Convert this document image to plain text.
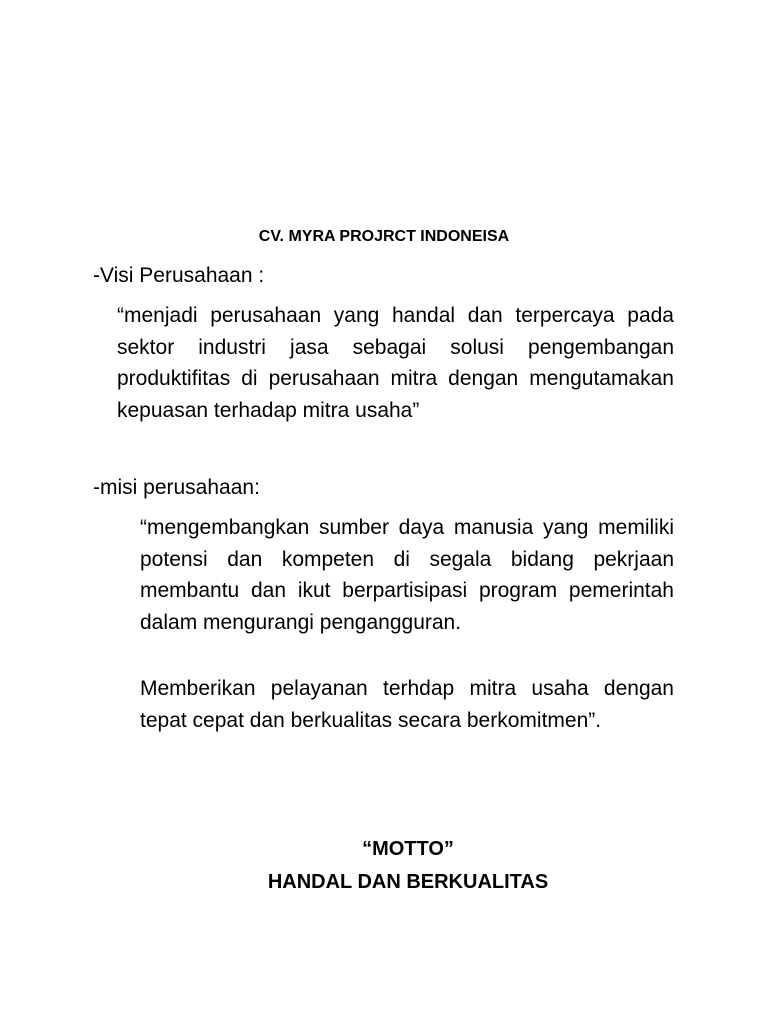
CV. MYRA PROJRCT INDONEISA

-Visi Perusahaan :

“menjadi perusahaan yang handal dan terpercaya pada sektor industri jasa sebagai solusi pengembangan produktifitas di perusahaan mitra dengan mengutamakan kepuasan terhadap mitra usaha”

-misi perusahaan:

“mengembangkan sumber daya manusia yang memiliki potensi dan kompeten di segala bidang pekrjaan membantu dan ikut berpartisipasi program pemerintah dalam mengurangi pengangguran.

Memberikan pelayanan terhdap mitra usaha dengan tepat cepat dan berkualitas secara berkomitmen”.

“MOTTO”

HANDAL DAN BERKUALITAS
